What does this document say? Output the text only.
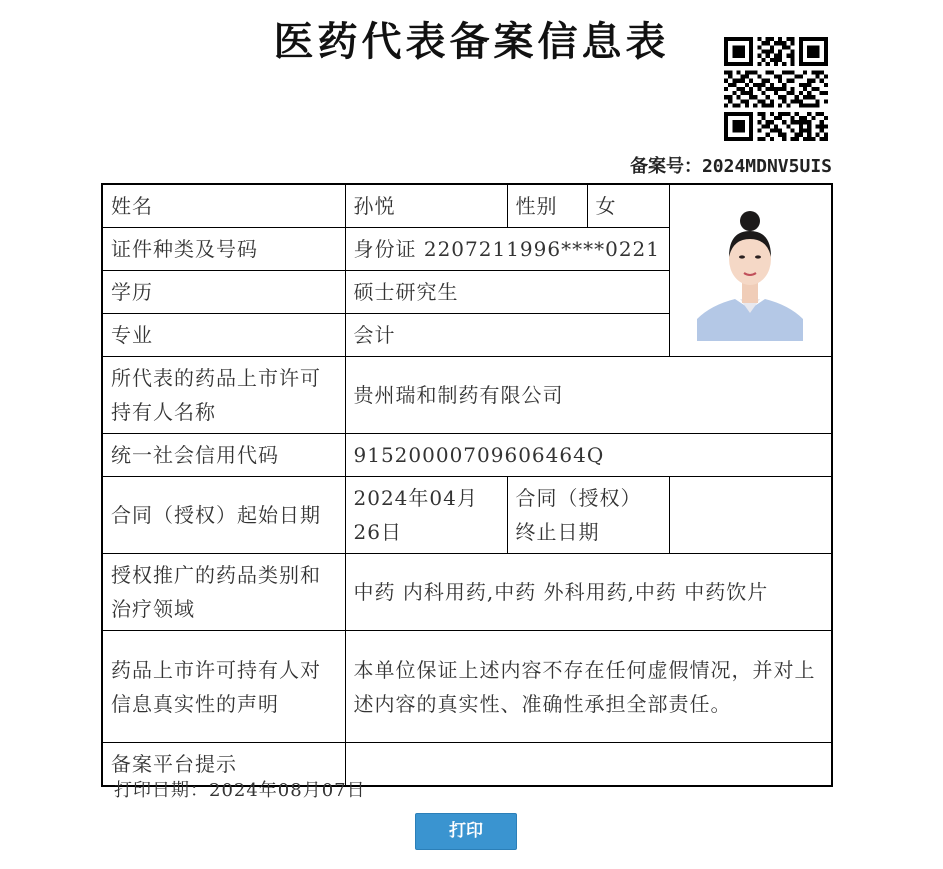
医药代表备案信息表
备案号：2024MDNV5UIS
姓名	孙悦	性别	女	
证件种类及号码	身份证 2207211996****0221			
学历	硕士研究生			
专业	会计			
所代表的药品上市许可持有人名称	贵州瑞和制药有限公司			
统一社会信用代码	91520000709606464Q			
合同（授权）起始日期	2024年04月26日	合同（授权）终止日期		
授权推广的药品类别和治疗领域	中药 内科用药,中药 外科用药,中药 中药饮片			
药品上市许可持有人对信息真实性的声明	本单位保证上述内容不存在任何虚假情况，并对上述内容的真实性、准确性承担全部责任。			
备案平台提示				
打印日期：2024年08月07日
打印
